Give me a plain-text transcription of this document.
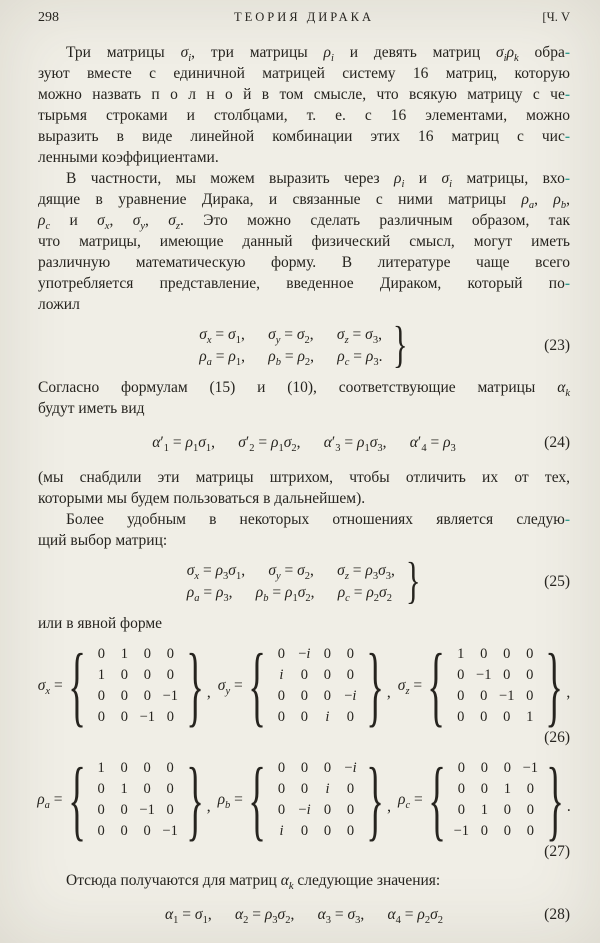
298	ТЕОРИЯ ДИРАКА	[Ч. V
Три матрицы $\sigma_i$, три матрицы $\rho_i$ и девять матриц $\sigma_i\rho_k$ обра-
зуют вместе с единичной матрицей систему 16 матриц, которую
можно назвать п о л н о й в том смысле, что всякую матрицу с че-
тырьмя строками и столбцами, т. е. с 16 элементами, можно
выразить в виде линейной комбинации этих 16 матриц с чис-
ленными коэффициентами.
В частности, мы можем выразить через $\rho_i$ и $\sigma_i$ матрицы, вхо-
дящие в уравнение Дирака, и связанные с ними матрицы $\rho_a$, $\rho_b$,
$\rho_c$ и $\sigma_x$, $\sigma_y$, $\sigma_z$. Это можно сделать различным образом, так
что матрицы, имеющие данный физический смысл, могут иметь
различную математическую форму. В литературе чаще всего
употребляется представление, введенное Дираком, который по-
ложил
$\sigma_x = \sigma_1$,  $\sigma_y = \sigma_2$,  $\sigma_z = \sigma_3$,
$\rho_a = \rho_1$,  $\rho_b = \rho_2$,  $\rho_c = \rho_3$. }	(23)
Согласно формулам (15) и (10), соответствующие матрицы $\alpha_k$
будут иметь вид
$\alpha'_1 = \rho_1\sigma_1$,  $\sigma'_2 = \rho_1\sigma_2$,  $\alpha'_3 = \rho_1\sigma_3$,  $\alpha'_4 = \rho_3$	(24)
(мы снабдили эти матрицы штрихом, чтобы отличить их от тех,
которыми мы будем пользоваться в дальнейшем).
Более удобным в некоторых отношениях является следую-
щий выбор матриц:
$\sigma_x = \rho_3\sigma_1$,  $\sigma_y = \sigma_2$,  $\sigma_z = \rho_3\sigma_3$,
$\rho_a = \rho_3$,  $\rho_b = \rho_1\sigma_2$,  $\rho_c = \rho_2\sigma_2$ }	(25)
или в явной форме
$\sigma_x$ = { 0	1	0	0
1	0	0	0
0	0	0 −1
0	0 −1 0 } , $\sigma_y$ = { 0 −i 0	0
i	0	0	0
0	0	0 −i
0	0	i	0 } , $\sigma_z$ = { 1	0	0	0
0 −1 0	0
0	0 −1 0
0	0	0	1 } ,
(26)
$\rho_a$ = { 1	0	0	0
0	1	0	0
0	0 −1 0
0	0	0 −1 } , $\rho_b$ = { 0	0	0 −i
0	0	i	0
0 −i 0	0
i	0	0	0 } , $\rho_c$ = { 0	0	0 −1
0	0	1	0
0	1	0	0
−1 0	0	0 } .
(27)
Отсюда получаются для матриц $\alpha_k$ следующие значения:
$\alpha_1 = \sigma_1$,  $\alpha_2 = \rho_3\sigma_2$,  $\alpha_3 = \sigma_3$,  $\alpha_4 = \rho_2\sigma_2$	(28)
